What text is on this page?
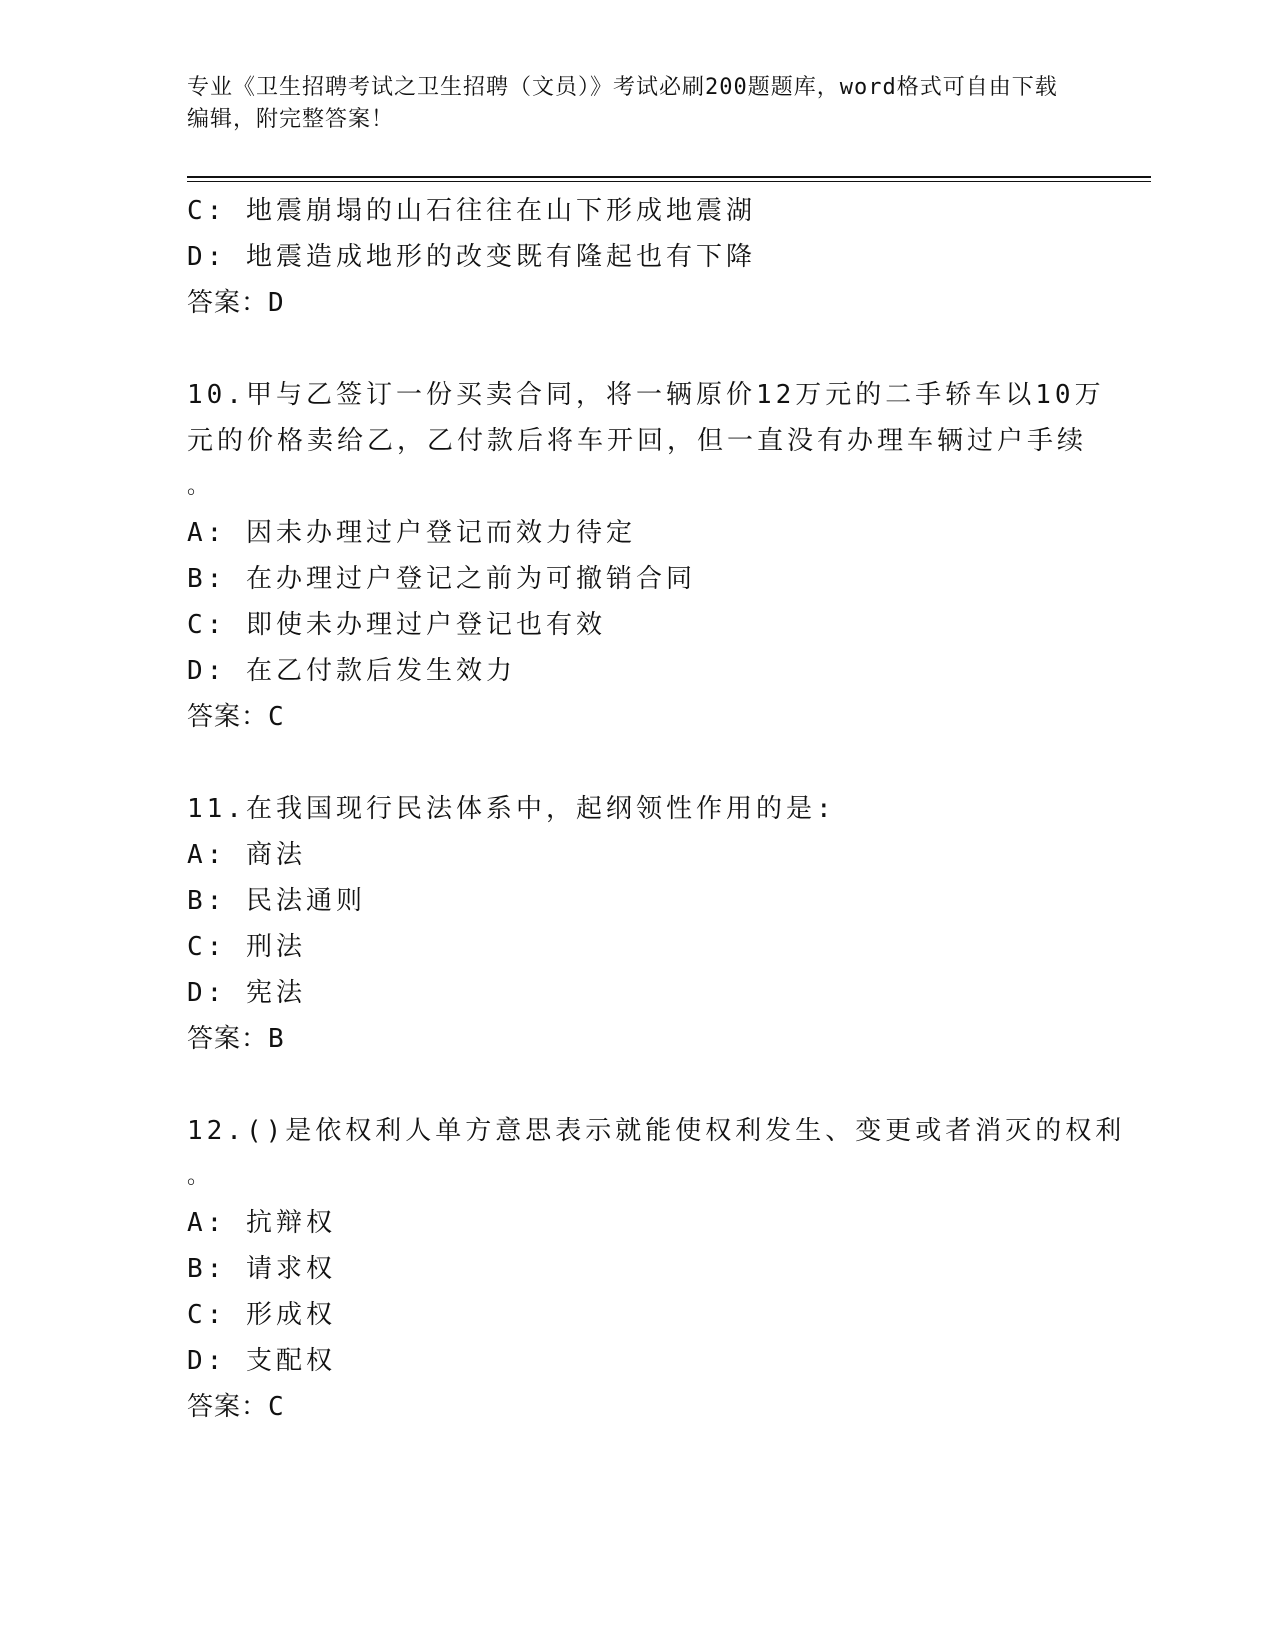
专业《卫生招聘考试之卫生招聘（文员）》考试必刷200题题库，word格式可自由下载编辑，附完整答案！
C: 地震崩塌的山石往往在山下形成地震湖
D: 地震造成地形的改变既有隆起也有下降
答案：D
10.甲与乙签订一份买卖合同，将一辆原价12万元的二手轿车以10万
元的价格卖给乙，乙付款后将车开回，但一直没有办理车辆过户手续
。
A: 因未办理过户登记而效力待定
B: 在办理过户登记之前为可撤销合同
C: 即使未办理过户登记也有效
D: 在乙付款后发生效力
答案：C
11.在我国现行民法体系中，起纲领性作用的是:
A: 商法
B: 民法通则
C: 刑法
D: 宪法
答案：B
12.()是依权利人单方意思表示就能使权利发生、变更或者消灭的权利
。
A: 抗辩权
B: 请求权
C: 形成权
D: 支配权
答案：C
